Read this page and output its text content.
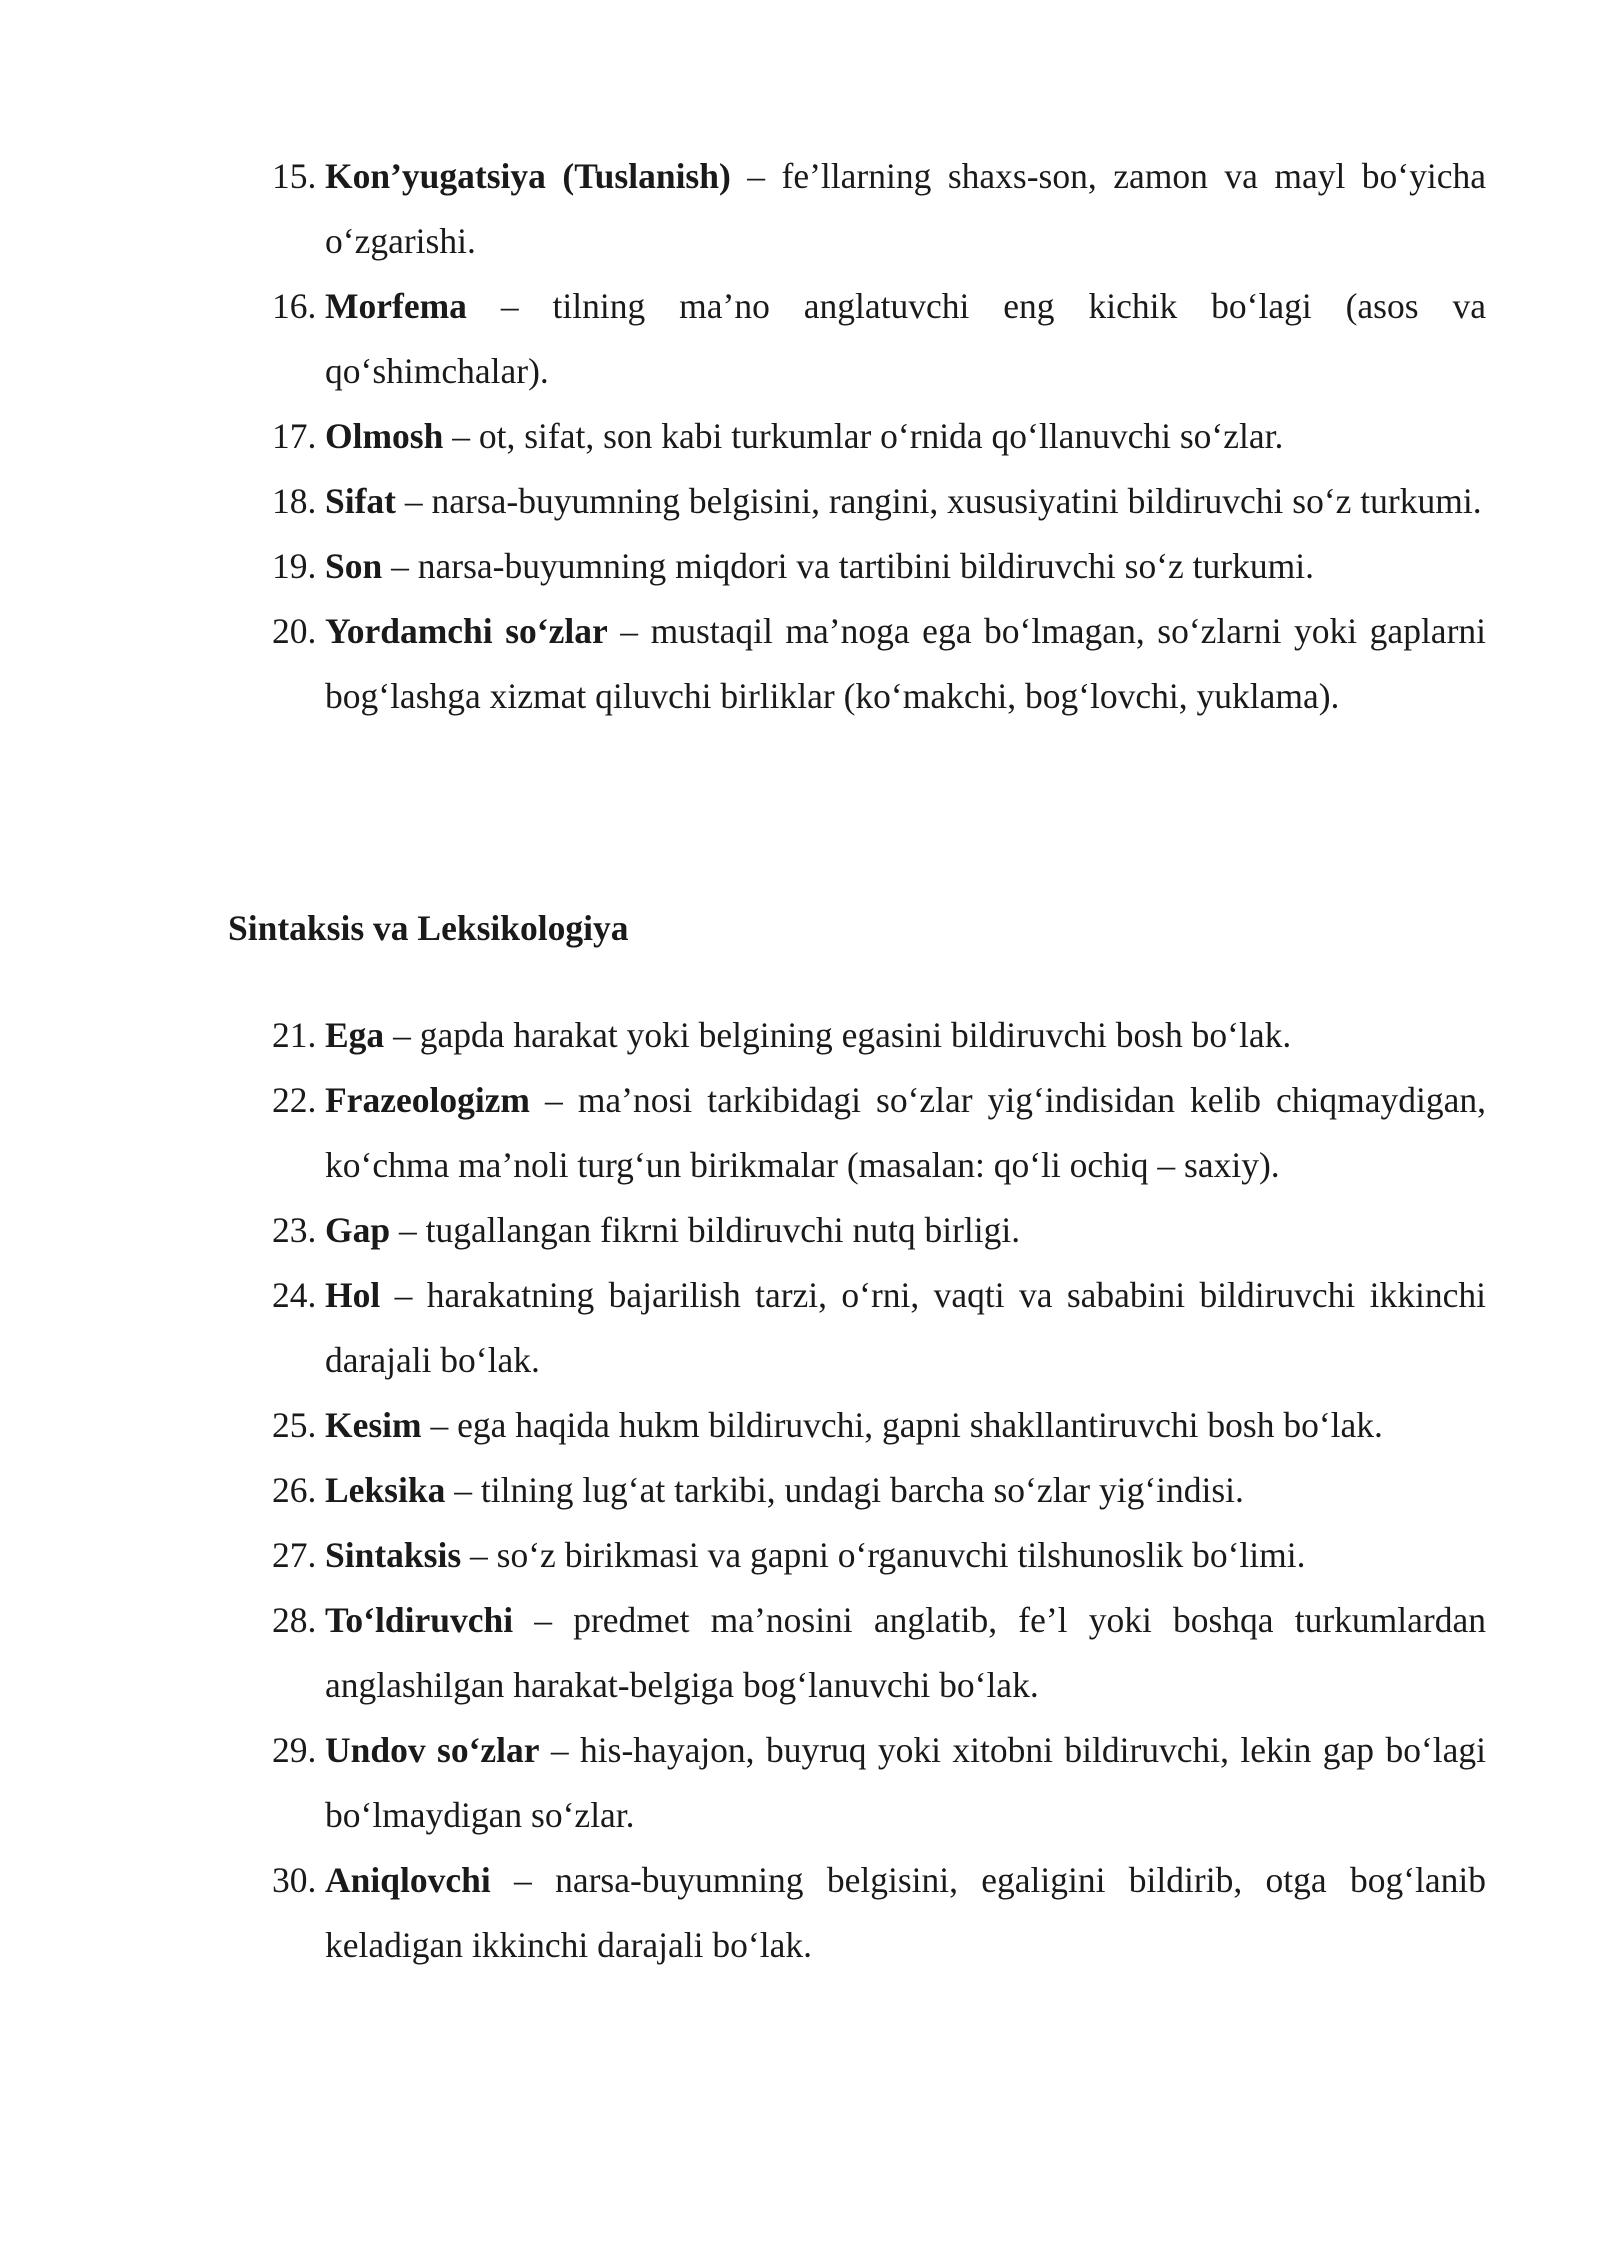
15. Kon’yugatsiya (Tuslanish) – fe’llarning shaxs-son, zamon va mayl bo‘yicha o‘zgarishi.
16. Morfema – tilning ma’no anglatuvchi eng kichik bo‘lagi (asos va qo‘shimchalar).
17. Olmosh – ot, sifat, son kabi turkumlar o‘rnida qo‘llanuvchi so‘zlar.
18. Sifat – narsa-buyumning belgisini, rangini, xususiyatini bildiruvchi so‘z turkumi.
19. Son – narsa-buyumning miqdori va tartibini bildiruvchi so‘z turkumi.
20. Yordamchi so‘zlar – mustaqil ma’noga ega bo‘lmagan, so‘zlarni yoki gaplarni bog‘lashga xizmat qiluvchi birliklar (ko‘makchi, bog‘lovchi, yuklama).
Sintaksis va Leksikologiya
21. Ega – gapda harakat yoki belgining egasini bildiruvchi bosh bo‘lak.
22. Frazeologizm – ma’nosi tarkibidagi so‘zlar yig‘indisidan kelib chiqmaydigan, ko‘chma ma’noli turg‘un birikmalar (masalan: qo‘li ochiq – saxiy).
23. Gap – tugallangan fikrni bildiruvchi nutq birligi.
24. Hol – harakatning bajarilish tarzi, o‘rni, vaqti va sababini bildiruvchi ikkinchi darajali bo‘lak.
25. Kesim – ega haqida hukm bildiruvchi, gapni shakllantiruvchi bosh bo‘lak.
26. Leksika – tilning lug‘at tarkibi, undagi barcha so‘zlar yig‘indisi.
27. Sintaksis – so‘z birikmasi va gapni o‘rganuvchi tilshunoslik bo‘limi.
28. To‘ldiruvchi – predmet ma’nosini anglatib, fe’l yoki boshqa turkumlardan anglashilgan harakat-belgiga bog‘lanuvchi bo‘lak.
29. Undov so‘zlar – his-hayajon, buyruq yoki xitobni bildiruvchi, lekin gap bo‘lagi bo‘lmaydigan so‘zlar.
30. Aniqlovchi – narsa-buyumning belgisini, egaligini bildirib, otga bog‘lanib keladigan ikkinchi darajali bo‘lak.
